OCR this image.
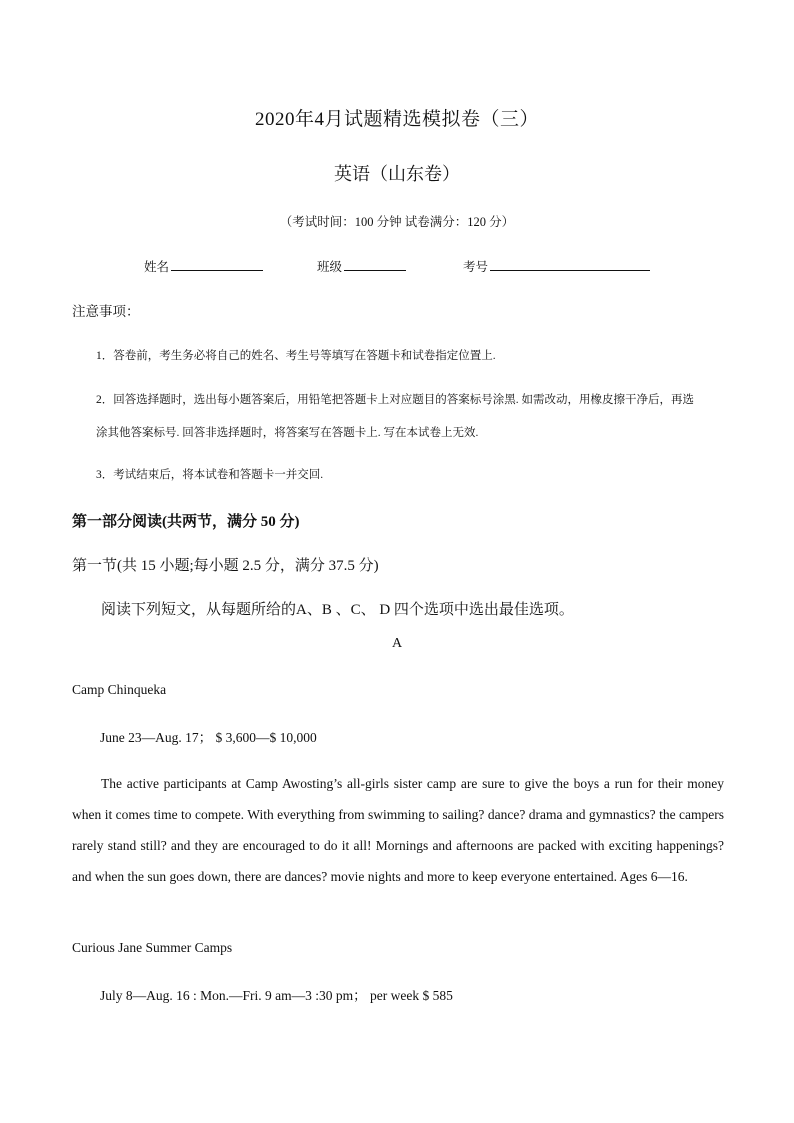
2020年4月试题精选模拟卷（三）
英语（山东卷）
（考试时间：100 分钟 试卷满分：120 分）
姓名	班级	考号
注意事项：
1．答卷前，考生务必将自己的姓名、考生号等填写在答题卡和试卷指定位置上.
2．回答选择题时，选出每小题答案后，用铅笔把答题卡上对应题目的答案标号涂黑. 如需改动，用橡皮擦干净后，再选
涂其他答案标号. 回答非选择题时，将答案写在答题卡上. 写在本试卷上无效.
3．考试结束后，将本试卷和答题卡一并交回.
第一部分阅读(共两节，满分 50 分)
第一节(共 15 小题;每小题 2.5 分，满分 37.5 分)
阅读下列短文，从每题所给的A、B 、C、 D 四个选项中选出最佳选项。
A
Camp Chinqueka
June 23—Aug. 17； $ 3,600—$ 10,000
The active participants at Camp Awosting’s all-girls sister camp are sure to give the boys a run for their money when it comes time to compete. With everything from swimming to sailing? dance? drama and gymnastics? the campers rarely stand still? and they are encouraged to do it all! Mornings and afternoons are packed with exciting happenings? and when the sun goes down, there are dances? movie nights and more to keep everyone entertained. Ages 6—16.
Curious Jane Summer Camps
July 8—Aug. 16 : Mon.—Fri. 9 am—3 :30 pm； per week $ 585
